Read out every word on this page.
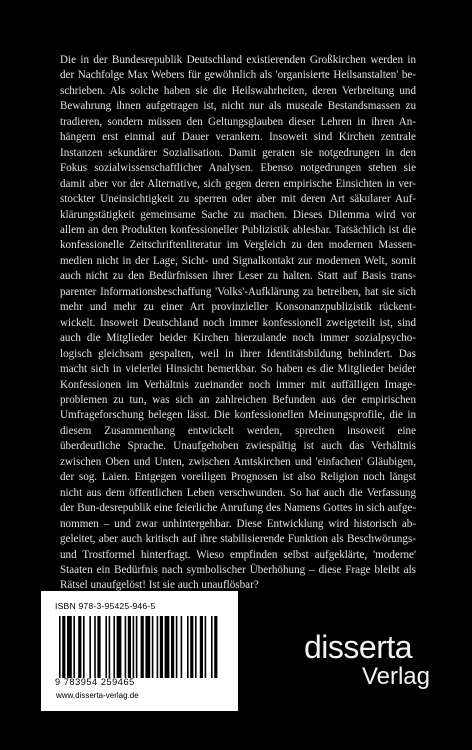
Die in der Bundesrepublik Deutschland existierenden Großkirchen werden in der Nachfolge Max Webers für gewöhnlich als 'organisierte Heilsanstalten' be-schrieben. Als solche haben sie die Heilswahrheiten, deren Verbreitung und Bewahrung ihnen aufgetragen ist, nicht nur als museale Bestandsmassen zu tradieren, sondern müssen den Geltungsglauben dieser Lehren in ihren An-hängern erst einmal auf Dauer verankern. Insoweit sind Kirchen zentrale Instanzen sekundärer Sozialisation. Damit geraten sie notgedrungen in den Fokus sozialwissenschaftlicher Analysen. Ebenso notgedrungen stehen sie damit aber vor der Alternative, sich gegen deren empirische Einsichten in ver-stockter Uneinsichtigkeit zu sperren oder aber mit deren Art säkularer Auf-klärungstätigkeit gemeinsame Sache zu machen. Dieses Dilemma wird vor allem an den Produkten konfessioneller Publizistik ablesbar. Tatsächlich ist die konfessionelle Zeitschriftenliteratur im Vergleich zu den modernen Massen-medien nicht in der Lage, Sicht- und Signalkontakt zur modernen Welt, somit auch nicht zu den Bedürfnissen ihrer Leser zu halten. Statt auf Basis trans-parenter Informationsbeschaffung 'Volks'-Aufklärung zu betreiben, hat sie sich mehr und mehr zu einer Art provinzieller Konsonanzpublizistik rückent-wickelt. Insoweit Deutschland noch immer konfessionell zweigeteilt ist, sind auch die Mitglieder beider Kirchen hierzulande noch immer sozialpsycho-logisch gleichsam gespalten, weil in ihrer Identitätsbildung behindert. Das macht sich in vielerlei Hinsicht bemerkbar. So haben es die Mitglieder beider Konfessionen im Verhältnis zueinander noch immer mit auffälligen Image-problemen zu tun, was sich an zahlreichen Befunden aus der empirischen Umfrageforschung belegen lässt. Die konfessionellen Meinungsprofile, die in diesem Zusammenhang entwickelt werden, sprechen insoweit eine überdeutliche Sprache. Unaufgehoben zwiespältig ist auch das Verhältnis zwischen Oben und Unten, zwischen Amtskirchen und 'einfachen' Gläubigen, der sog. Laien. Entgegen voreiligen Prognosen ist also Religion noch längst nicht aus dem öffentlichen Leben verschwunden. So hat auch die Verfassung der Bun-desrepublik eine feierliche Anrufung des Namens Gottes in sich aufge-nommen – und zwar unhintergehbar. Diese Entwicklung wird historisch ab-geleitet, aber auch kritisch auf ihre stabilisierende Funktion als Beschwörungs-und Trostformel hinterfragt. Wieso empfinden selbst aufgeklärte, 'moderne' Staaten ein Bedürfnis nach symbolischer Überhöhung – diese Frage bleibt als Rätsel unaufgelöst! Ist sie auch unauflösbar?

ISBN 978-3-95425-946-5
9 783954 259465
www.disserta-verlag.de
disserta
Verlag
